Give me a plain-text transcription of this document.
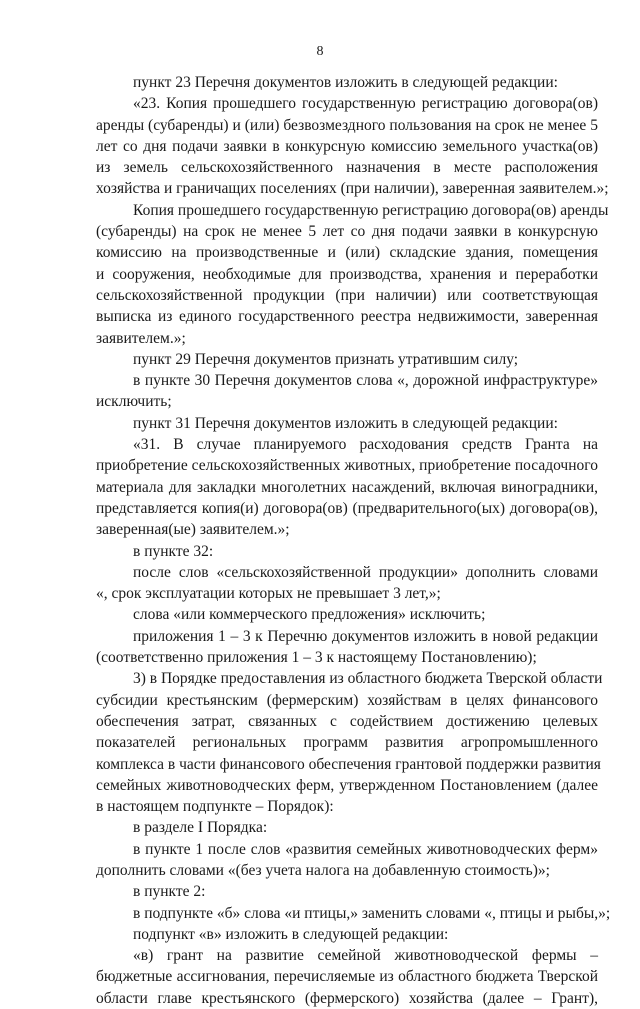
8
пункт 23 Перечня документов изложить в следующей редакции:
«23. Копия прошедшего государственную регистрацию договора(ов)
аренды (субаренды) и (или) безвозмездного пользования на срок не менее 5
лет со дня подачи заявки в конкурсную комиссию земельного участка(ов)
из земель сельскохозяйственного назначения в месте расположения
хозяйства и граничащих поселениях (при наличии), заверенная заявителем.»;
Копия прошедшего государственную регистрацию договора(ов) аренды
(субаренды) на срок не менее 5 лет со дня подачи заявки в конкурсную
комиссию на производственные и (или) складские здания, помещения
и сооружения, необходимые для производства, хранения и переработки
сельскохозяйственной продукции (при наличии) или соответствующая
выписка из единого государственного реестра недвижимости, заверенная
заявителем.»;
пункт 29 Перечня документов признать утратившим силу;
в пункте 30 Перечня документов слова «, дорожной инфраструктуре»
исключить;
пункт 31 Перечня документов изложить в следующей редакции:
«31. В случае планируемого расходования средств Гранта на
приобретение сельскохозяйственных животных, приобретение посадочного
материала для закладки многолетних насаждений, включая виноградники,
представляется копия(и) договора(ов) (предварительного(ых) договора(ов),
заверенная(ые) заявителем.»;
в пункте 32:
после слов «сельскохозяйственной продукции» дополнить словами
«, срок эксплуатации которых не превышает 3 лет,»;
слова «или коммерческого предложения» исключить;
приложения 1 – 3 к Перечню документов изложить в новой редакции
(соответственно приложения 1 – 3 к настоящему Постановлению);
3) в Порядке предоставления из областного бюджета Тверской области
субсидии крестьянским (фермерским) хозяйствам в целях финансового
обеспечения затрат, связанных с содействием достижению целевых
показателей региональных программ развития агропромышленного
комплекса в части финансового обеспечения грантовой поддержки развития
семейных животноводческих ферм, утвержденном Постановлением (далее
в настоящем подпункте – Порядок):
в разделе I Порядка:
в пункте 1 после слов «развития семейных животноводческих ферм»
дополнить словами «(без учета налога на добавленную стоимость)»;
в пункте 2:
в подпункте «б» слова «и птицы,» заменить словами «, птицы и рыбы,»;
подпункт «в» изложить в следующей редакции:
«в) грант на развитие семейной животноводческой фермы –
бюджетные ассигнования, перечисляемые из областного бюджета Тверской
области главе крестьянского (фермерского) хозяйства (далее – Грант),
